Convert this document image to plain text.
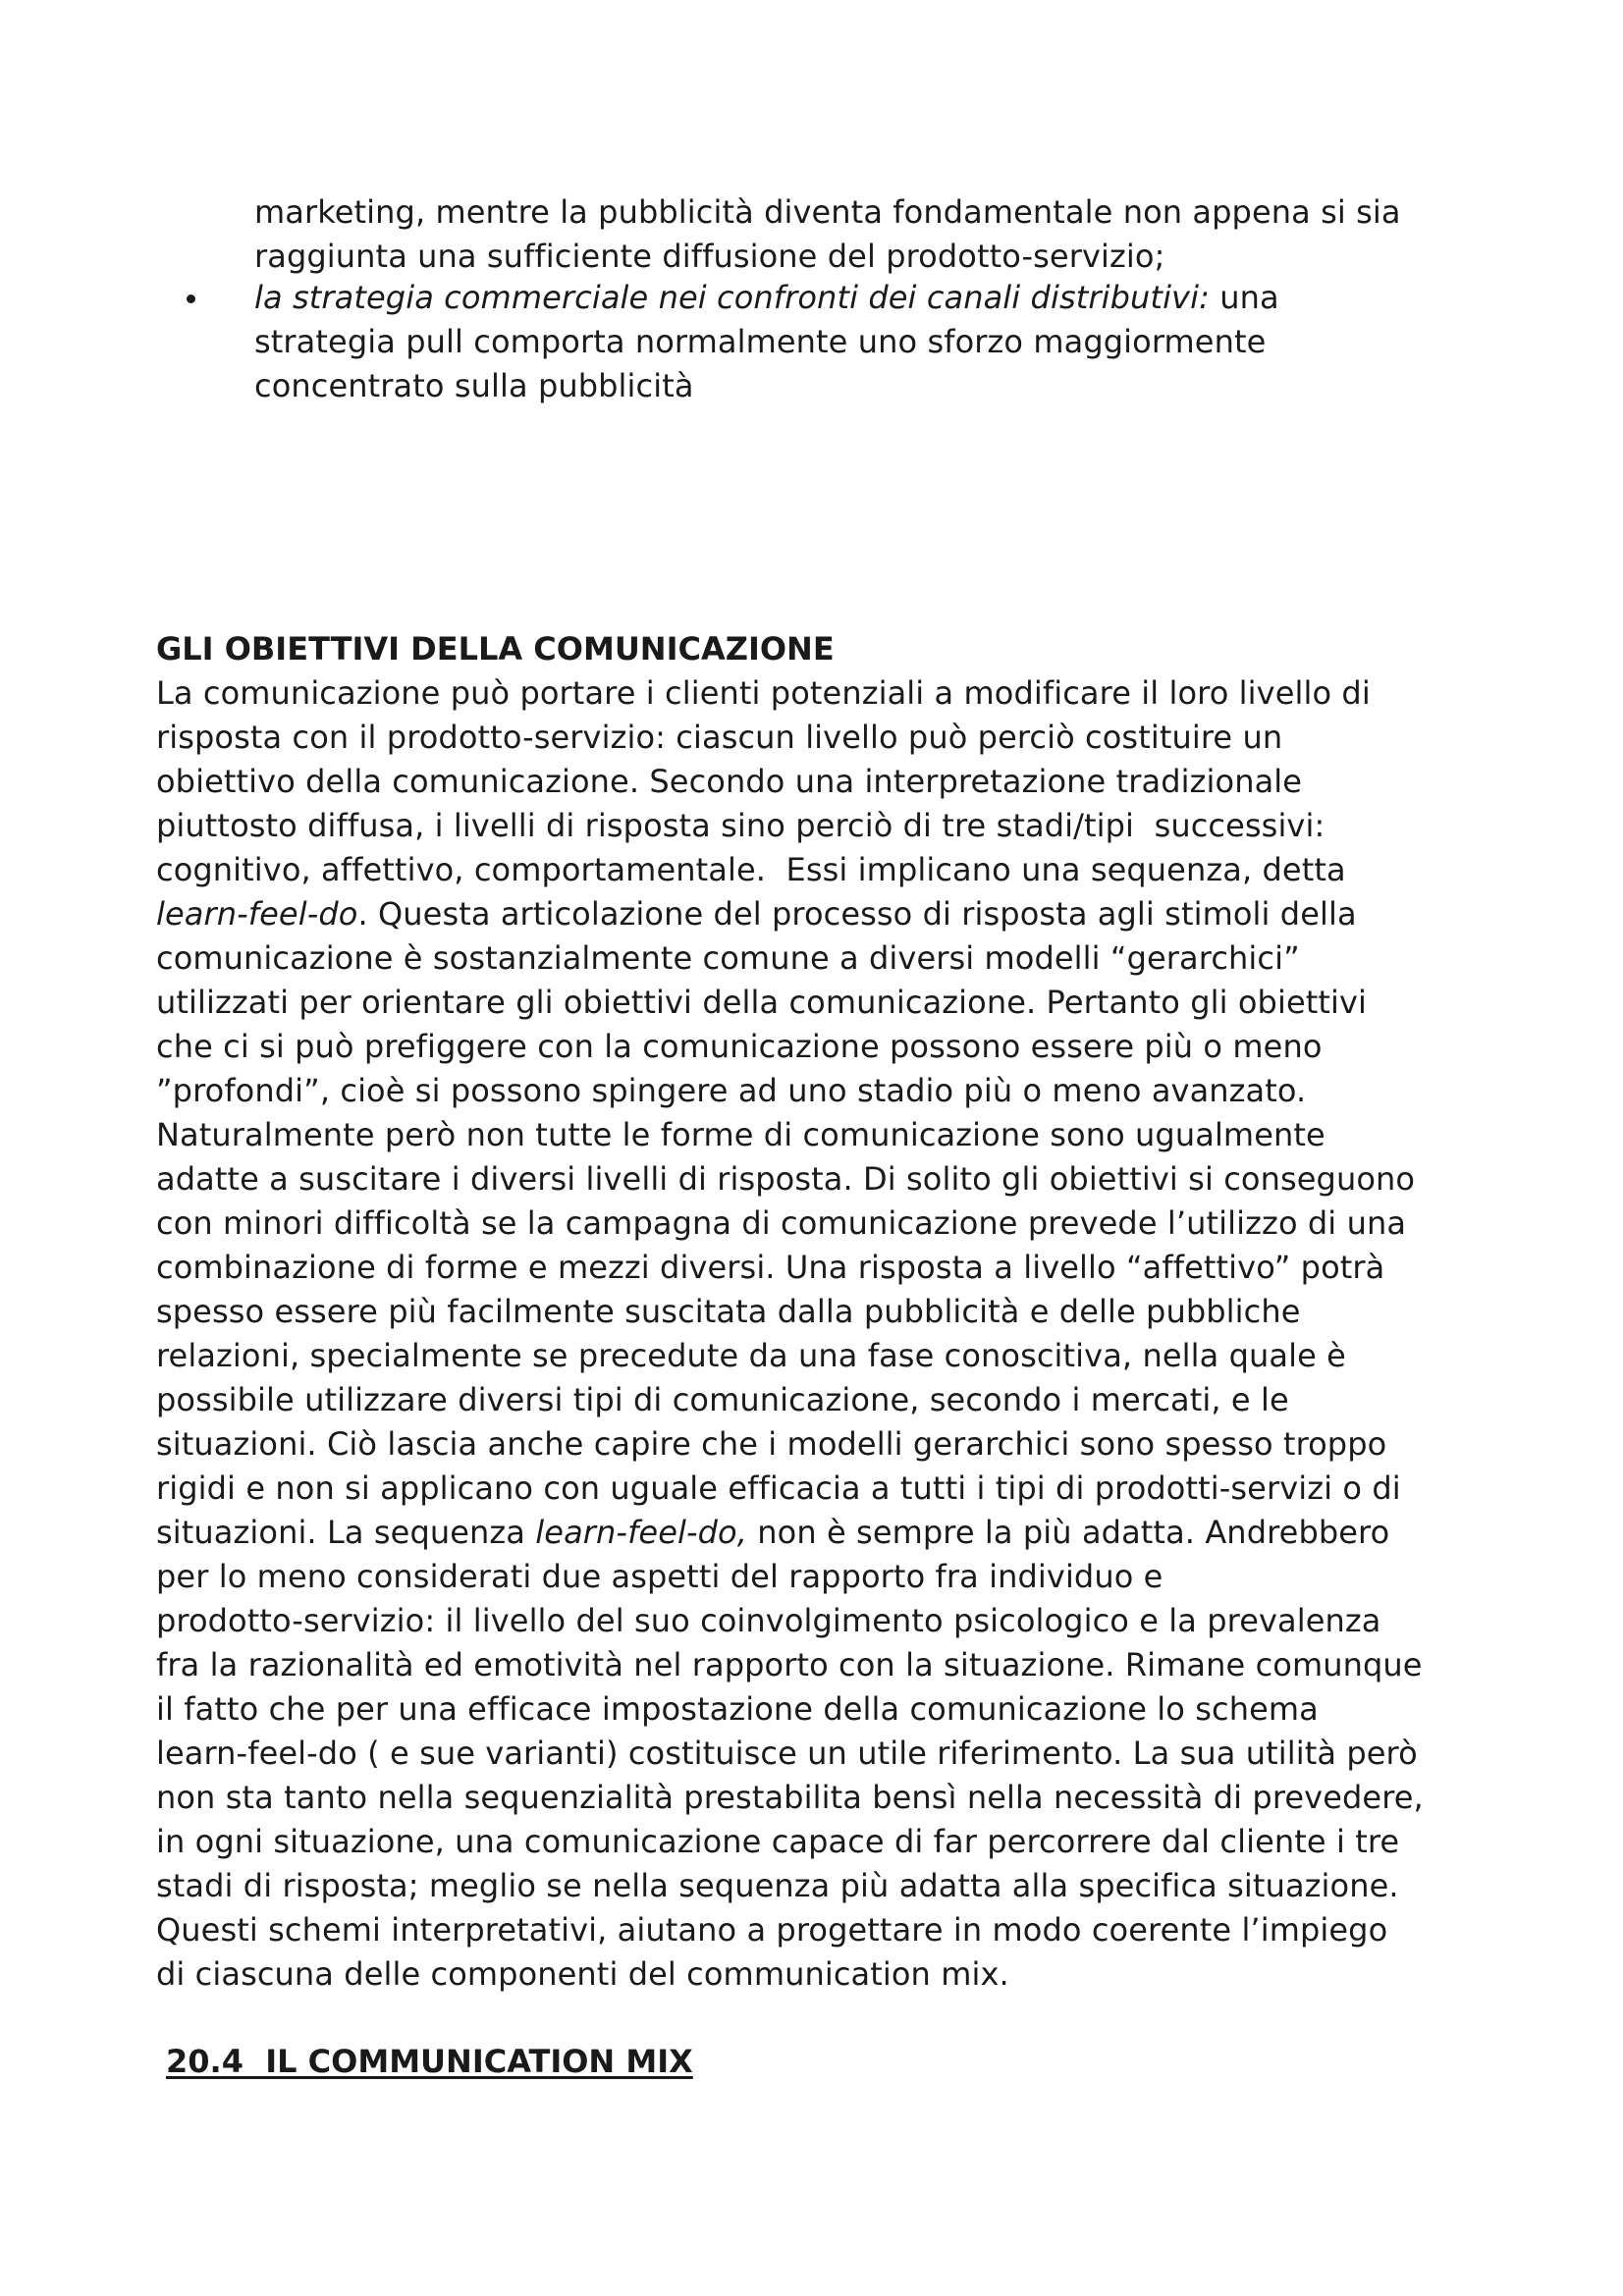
marketing, mentre la pubblicità diventa fondamentale non appena si sia
raggiunta una sufficiente diffusione del prodotto-servizio;
la strategia commerciale nei confronti dei canali distributivi: una
strategia pull comporta normalmente uno sforzo maggiormente
concentrato sulla pubblicità
GLI OBIETTIVI DELLA COMUNICAZIONE
La comunicazione può portare i clienti potenziali a modificare il loro livello di
risposta con il prodotto-servizio: ciascun livello può perciò costituire un
obiettivo della comunicazione. Secondo una interpretazione tradizionale
piuttosto diffusa, i livelli di risposta sino perciò di tre stadi/tipi  successivi:
cognitivo, affettivo, comportamentale.  Essi implicano una sequenza, detta
learn-feel-do. Questa articolazione del processo di risposta agli stimoli della
comunicazione è sostanzialmente comune a diversi modelli “gerarchici”
utilizzati per orientare gli obiettivi della comunicazione. Pertanto gli obiettivi
che ci si può prefiggere con la comunicazione possono essere più o meno
”profondi”, cioè si possono spingere ad uno stadio più o meno avanzato.
Naturalmente però non tutte le forme di comunicazione sono ugualmente
adatte a suscitare i diversi livelli di risposta. Di solito gli obiettivi si conseguono
con minori difficoltà se la campagna di comunicazione prevede l’utilizzo di una
combinazione di forme e mezzi diversi. Una risposta a livello “affettivo” potrà
spesso essere più facilmente suscitata dalla pubblicità e delle pubbliche
relazioni, specialmente se precedute da una fase conoscitiva, nella quale è
possibile utilizzare diversi tipi di comunicazione, secondo i mercati, e le
situazioni. Ciò lascia anche capire che i modelli gerarchici sono spesso troppo
rigidi e non si applicano con uguale efficacia a tutti i tipi di prodotti-servizi o di
situazioni. La sequenza learn-feel-do, non è sempre la più adatta. Andrebbero
per lo meno considerati due aspetti del rapporto fra individuo e
prodotto-servizio: il livello del suo coinvolgimento psicologico e la prevalenza
fra la razionalità ed emotività nel rapporto con la situazione. Rimane comunque
il fatto che per una efficace impostazione della comunicazione lo schema
learn-feel-do ( e sue varianti) costituisce un utile riferimento. La sua utilità però
non sta tanto nella sequenzialità prestabilita bensì nella necessità di prevedere,
in ogni situazione, una comunicazione capace di far percorrere dal cliente i tre
stadi di risposta; meglio se nella sequenza più adatta alla specifica situazione.
Questi schemi interpretativi, aiutano a progettare in modo coerente l’impiego
di ciascuna delle componenti del communication mix.
20.4  IL COMMUNICATION MIX
